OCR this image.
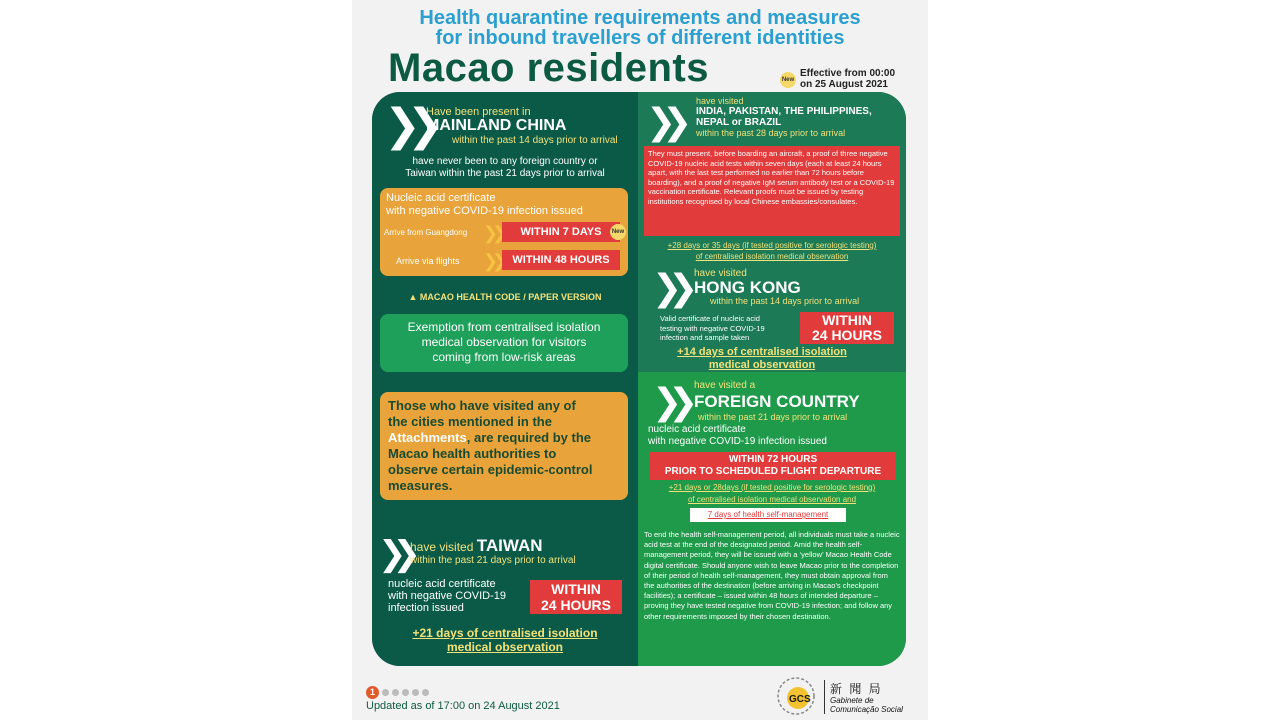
Health quarantine requirements and measures
for inbound travellers of different identities
Macao residents	New
Effective from 00:00
on 25 August 2021
❯❯
Have been present in
MAINLAND CHINA
within the past 14 days prior to arrival
have never been to any foreign country or
Taiwan within the past 21 days prior to arrival
Nucleic acid certificate
with negative COVID-19 infection issued
Arrive from Guangdong ❯❯	WITHIN 7 DAYS	New
Arrive via flights ❯❯	WITHIN 48 HOURS
▲ MACAO HEALTH CODE / PAPER VERSION
Exemption from centralised isolation
medical observation for visitors
coming from low-risk areas
Those who have visited any of
the cities mentioned in the
Attachments, are required by the
Macao health authorities to
observe certain epidemic-control
measures.
❯❯ have visited TAIWAN
within the past 21 days prior to arrival
nucleic acid certificate
with negative COVID-19
infection issued
WITHIN
24 HOURS
+21 days of centralised isolation
medical observation
❯❯ have visited
INDIA, PAKISTAN, THE PHILIPPINES,
NEPAL or BRAZIL
within the past 28 days prior to arrival
They must present, before boarding an aircraft, a proof of three negative COVID-19 nucleic acid tests within seven days (each at least 24 hours apart, with the last test performed no earlier than 72 hours before boarding), and a proof of negative IgM serum antibody test or a COVID-19 vaccination certificate. Relevant proofs must be issued by testing institutions recognised by local Chinese embassies/consulates.
+28 days or 35 days (if tested positive for serologic testing)
of centralised isolation medical observation
❯❯ have visited
HONG KONG
within the past 14 days prior to arrival
Valid certificate of nucleic acid
testing with negative COVID-19
infection and sample taken
WITHIN
24 HOURS
+14 days of centralised isolation
medical observation
❯❯ have visited a
FOREIGN COUNTRY
within the past 21 days prior to arrival
nucleic acid certificate
with negative COVID-19 infection issued
WITHIN 72 HOURS
PRIOR TO SCHEDULED FLIGHT DEPARTURE
+21 days or 28days (if tested positive for serologic testing)
of centralised isolation medical observation and
7 days of health self-management
To end the health self-management period, all individuals must take a nucleic acid test at the end of the designated period. Amid the health self-management period, they will be issued with a ‘yellow’ Macao Health Code digital certificate. Should anyone wish to leave Macao prior to the completion of their period of health self-management, they must obtain approval from the authorities of the destination (before arriving in Macao’s checkpoint facilities); a certificate – issued within 48 hours of intended departure – proving they have tested negative from COVID-19 infection; and follow any other requirements imposed by their chosen destination.
1
Updated as of 17:00 on 24 August 2021
GCS
新 聞 局
Gabinete de
Comunicação Social
